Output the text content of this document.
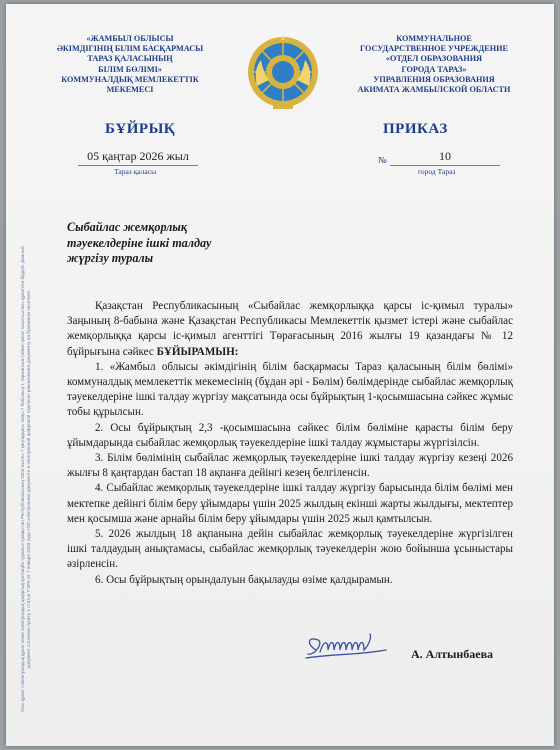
«ЖАМБЫЛ ОБЛЫСЫ
ӘКІМДІГІНІҢ БІЛІМ БАСҚАРМАСЫ
ТАРАЗ ҚАЛАСЫНЫҢ
БІЛІМ БӨЛІМІ»
КОММУНАЛДЫҚ МЕМЛЕКЕТТІК
МЕКЕМЕСІ
КОММУНАЛЬНОЕ
ГОСУДАРСТВЕННОЕ УЧРЕЖДЕНИЕ
«ОТДЕЛ ОБРАЗОВАНИЯ
ГОРОДА ТАРАЗ»
УПРАВЛЕНИЯ ОБРАЗОВАНИЯ
АКИМАТА ЖАМБЫЛСКОЙ ОБЛАСТИ
БҰЙРЫҚ	ПРИКАЗ
05 қаңтар 2026 жыл	№	10
Тараз қаласы	город Тараз
Осы құжат «Электрондық құжат және электрондық цифрлық қолтаңба туралы» Қазақстан Республикасының 2003 жылғы 7 қаңтардағы Заңы 7 бабының 1 тармағына сәйкес қағаз тасығыштағы құжатпен бірдей. Данный документ согласно пункту 1 статьи 7 ЗРК от 7 января 2003 года «Об электронном документе и электронной цифровой подписи» равнозначен документу на бумажном носителе.
Сыбайлас жемқорлық тәуекелдеріне ішкі талдау жүргізу туралы

Қазақстан Республикасының «Сыбайлас жемқорлыққа қарсы іс-қимыл туралы» Заңының 8-бабына және Қазақстан Республикасы Мемлекеттік қызмет істері және сыбайлас жемқорлыққа қарсы іс-қимыл агенттігі Төрағасының 2016 жылғы 19 қазандағы № 12 бұйрығына сәйкес БҰЙЫРАМЫН:

1. «Жамбыл облысы әкімдігінің білім басқармасы Тараз қаласының білім бөлімі» коммуналдық мемлекеттік мекемесінің (бұдан әрі - Бөлім) бөлімдерінде сыбайлас жемқорлық тәуекелдеріне ішкі талдау жүргізу мақсатында осы бұйрықтың 1-қосымшасына сәйкес жұмыс тобы құрылсын.

2. Осы бұйрықтың 2,3 -қосымшасына сәйкес білім бөліміне қарасты білім беру ұйымдарында сыбайлас жемқорлық тәуекелдеріне ішкі талдау жұмыстары жүргізілсін.

3. Білім бөлімінің сыбайлас жемқорлық тәуекелдеріне ішкі талдау жүргізу кезеңі 2026 жылғы 8 қаңтардан бастап 18 ақпанға дейінгі кезең белгіленсін.

4. Сыбайлас жемқорлық тәуекелдеріне ішкі талдау жүргізу барысында білім бөлімі мен мектепке дейінгі білім беру ұйымдары үшін 2025 жылдың екінші жарты жылдығы, мектептер мен қосымша және арнайы білім беру ұйымдары үшін 2025 жыл қамтылсын.

5. 2026 жылдың 18 ақпанына дейін сыбайлас жемқорлық тәуекелдеріне жүргізілген ішкі талдаудың анықтамасы, сыбайлас жемқорлық тәуекелдерін жою бойынша ұсыныстары әзірленсін.

6. Осы бұйрықтың орындалуын бақылауды өзіме қалдырамын.

А. Алтынбаева
